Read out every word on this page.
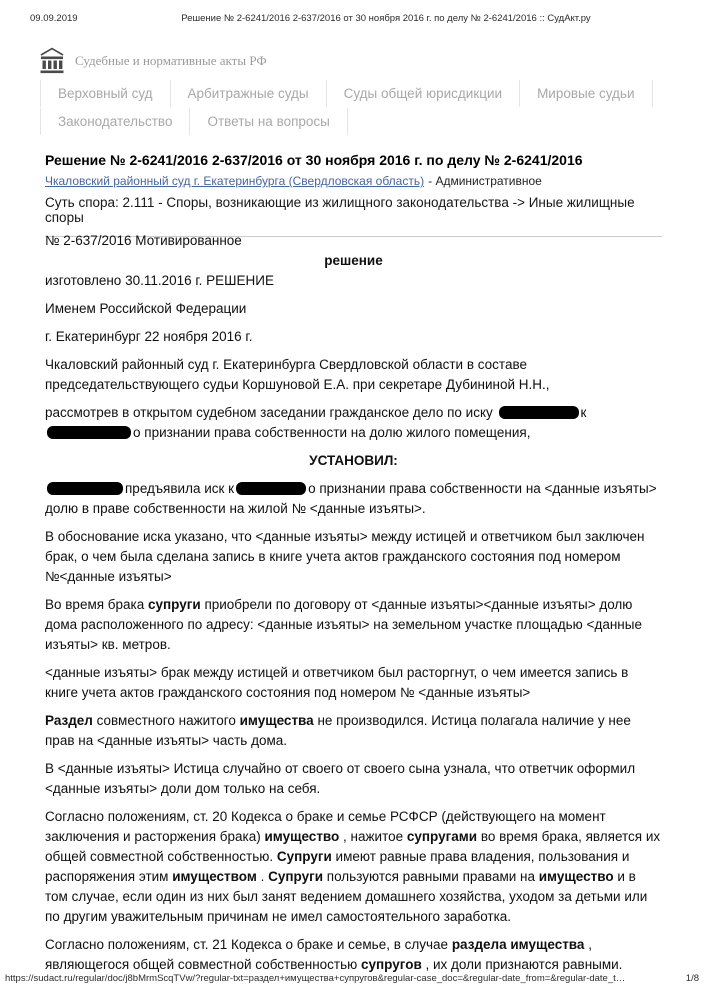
09.09.2019	Решение № 2-6241/2016 2-637/2016 от 30 ноября 2016 г. по делу № 2-6241/2016 :: СудАкт.ру
Судебные и нормативные акты РФ
Верховный суд	Арбитражные суды	Суды общей юрисдикции	Мировые судьи
Законодательство	Ответы на вопросы
Решение № 2-6241/2016 2-637/2016 от 30 ноября 2016 г. по делу № 2-6241/2016
Чкаловский районный суд г. Екатеринбурга (Свердловская область) - Административное
Суть спора: 2.111 - Споры, возникающие из жилищного законодательства -> Иные жилищные споры

№ 2-637/2016 Мотивированное

решение

изготовлено 30.11.2016 г. РЕШЕНИЕ

Именем Российской Федерации

г. Екатеринбург 22 ноября 2016 г.

Чкаловский районный суд г. Екатеринбурга Свердловской области в составе председательствующего судьи Коршуновой Е.А. при секретаре Дубининой Н.Н.,

рассмотрев в открытом судебном заседании гражданское дело по иску	ко признании права собственности на долю жилого помещения,

УСТАНОВИЛ:

предъявила иск к	о признании права собственности на <данные изъяты> долю в праве собственности на жилой № <данные изъяты>.

В обоснование иска указано, что <данные изъяты> между истицей и ответчиком был заключен брак, о чем была сделана запись в книге учета актов гражданского состояния под номером №<данные изъяты>

Во время брака супруги приобрели по договору от <данные изъяты><данные изъяты> долю дома расположенного по адресу: <данные изъяты> на земельном участке площадью <данные изъяты> кв. метров.

<данные изъяты> брак между истицей и ответчиком был расторгнут, о чем имеется запись в книге учета актов гражданского состояния под номером № <данные изъяты>

Раздел совместного нажитого имущества не производился. Истица полагала наличие у нее прав на <данные изъяты> часть дома.

В <данные изъяты> Истица случайно от своего от своего сына узнала, что ответчик оформил <данные изъяты> доли дом только на себя.

Согласно положениям, ст. 20 Кодекса о браке и семье РСФСР (действующего на момент заключения и расторжения брака) имущество , нажитое супругами во время брака, является их общей совместной собственностью. Супруги имеют равные права владения, пользования и распоряжения этим имуществом . Супруги пользуются равными правами на имущество и в том случае, если один из них был занят ведением домашнего хозяйства, уходом за детьми или по другим уважительным причинам не имел самостоятельного заработка.

Согласно положениям, ст. 21 Кодекса о браке и семье, в случае раздела имущества , являющегося общей совместной собственностью супругов , их доли признаются равными.

https://sudact.ru/regular/doc/j8bMrmScqTVw/?regular-txt=раздел+имущества+супругов&regular-case_doc=&regular-date_from=&regular-date_t…	1/8
